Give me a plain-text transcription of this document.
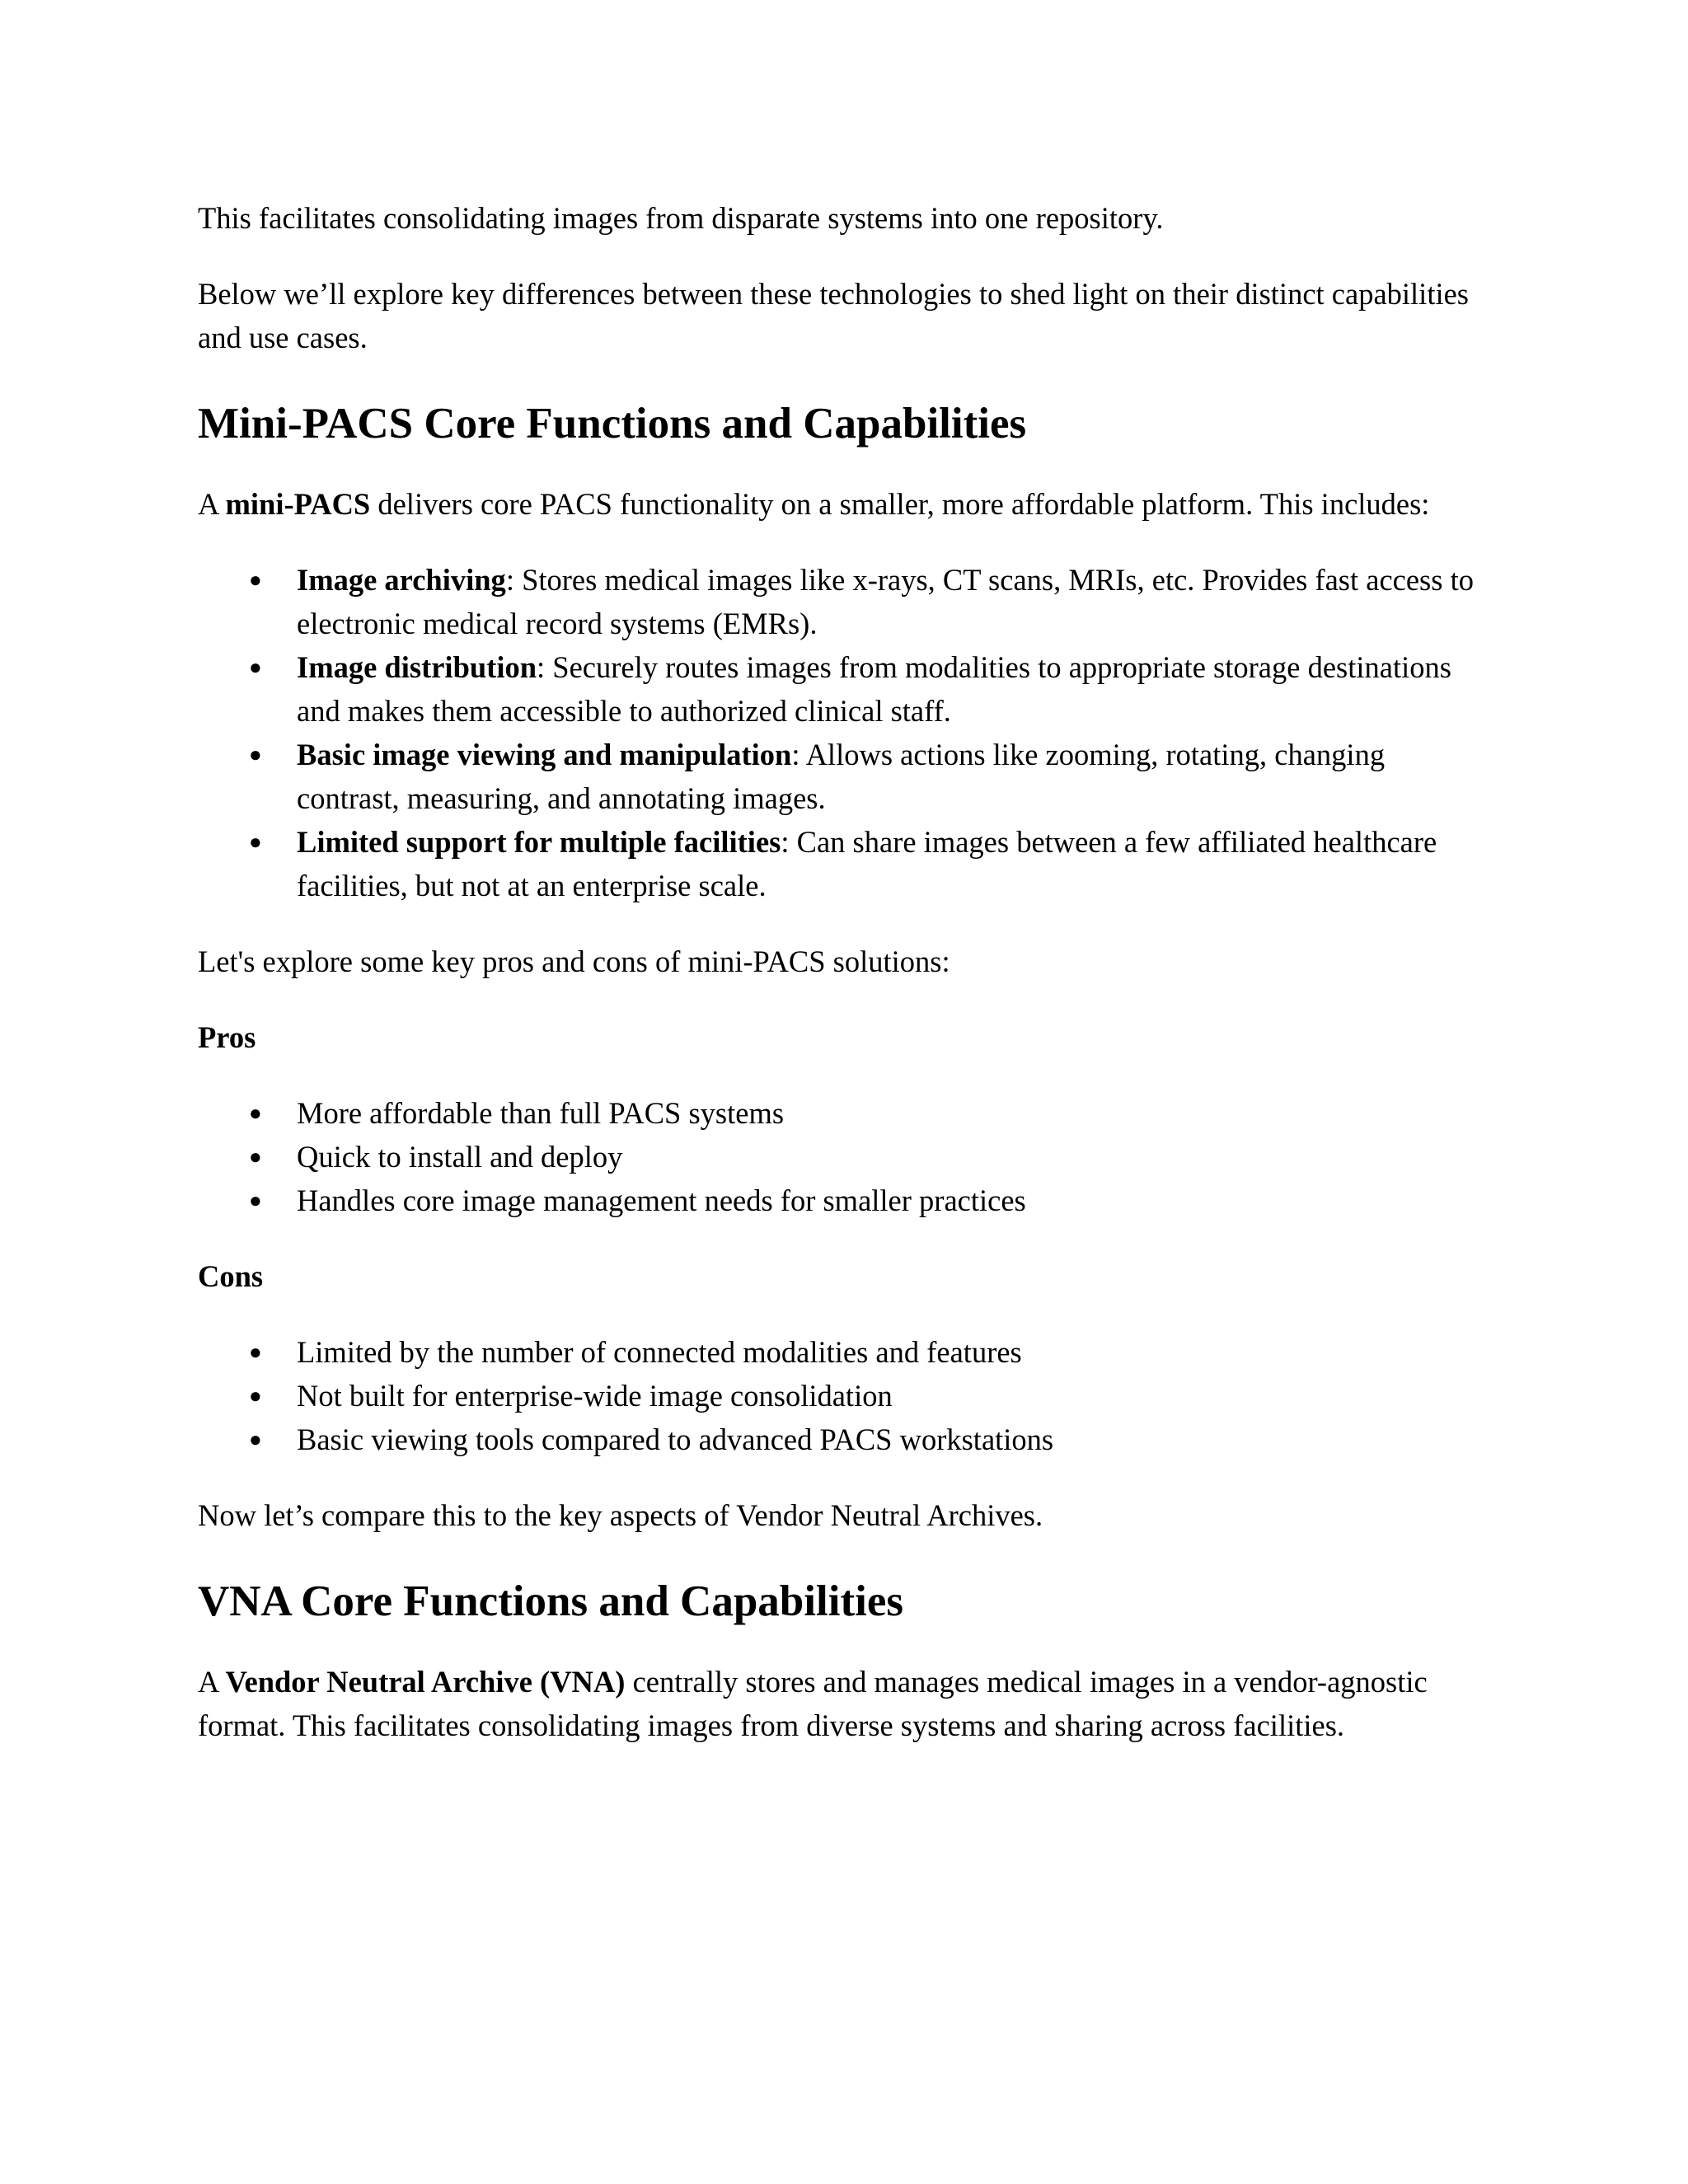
This facilitates consolidating images from disparate systems into one repository.

Below we’ll explore key differences between these technologies to shed light on their distinct capabilities and use cases.

Mini-PACS Core Functions and Capabilities

A mini-PACS delivers core PACS functionality on a smaller, more affordable platform. This includes:

● Image archiving: Stores medical images like x-rays, CT scans, MRIs, etc. Provides fast access to electronic medical record systems (EMRs).
● Image distribution: Securely routes images from modalities to appropriate storage destinations and makes them accessible to authorized clinical staff.
● Basic image viewing and manipulation: Allows actions like zooming, rotating, changing contrast, measuring, and annotating images.
● Limited support for multiple facilities: Can share images between a few affiliated healthcare facilities, but not at an enterprise scale.

Let's explore some key pros and cons of mini-PACS solutions:

Pros

● More affordable than full PACS systems
● Quick to install and deploy
● Handles core image management needs for smaller practices

Cons

● Limited by the number of connected modalities and features
● Not built for enterprise-wide image consolidation
● Basic viewing tools compared to advanced PACS workstations

Now let’s compare this to the key aspects of Vendor Neutral Archives.

VNA Core Functions and Capabilities

A Vendor Neutral Archive (VNA) centrally stores and manages medical images in a vendor-agnostic format. This facilitates consolidating images from diverse systems and sharing across facilities.
